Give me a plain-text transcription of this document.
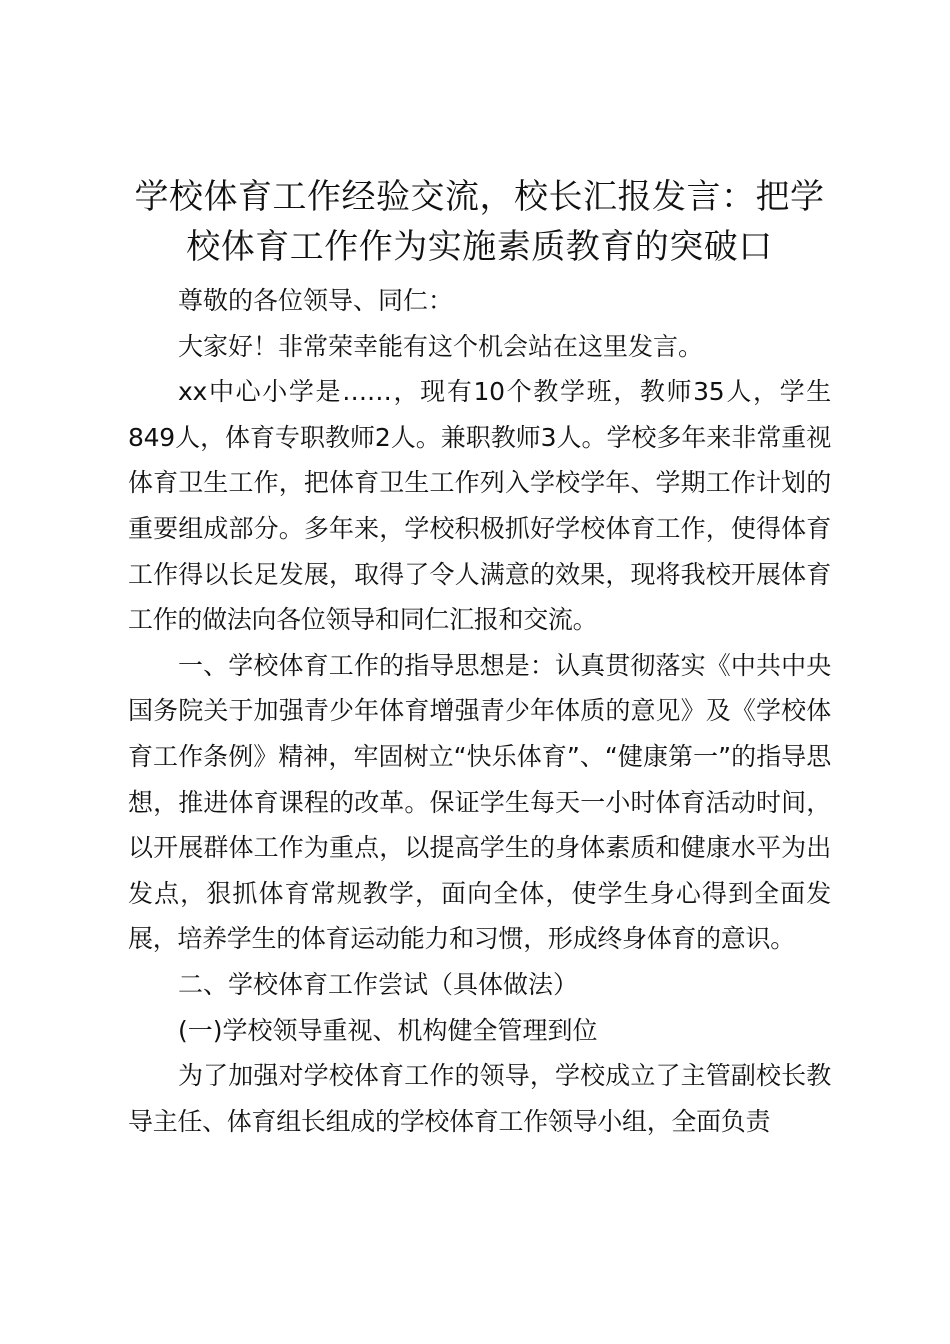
学校体育工作经验交流，校长汇报发言：把学校体育工作作为实施素质教育的突破口

尊敬的各位领导、同仁：

大家好！非常荣幸能有这个机会站在这里发言。

xx中心小学是……，现有10个教学班，教师35人，学生849人，体育专职教师2人。兼职教师3人。学校多年来非常重视体育卫生工作，把体育卫生工作列入学校学年、学期工作计划的重要组成部分。多年来，学校积极抓好学校体育工作，使得体育工作得以长足发展，取得了令人满意的效果，现将我校开展体育工作的做法向各位领导和同仁汇报和交流。

一、学校体育工作的指导思想是：认真贯彻落实《中共中央国务院关于加强青少年体育增强青少年体质的意见》及《学校体育工作条例》精神，牢固树立“快乐体育”、“健康第一”的指导思想，推进体育课程的改革。保证学生每天一小时体育活动时间，以开展群体工作为重点，以提高学生的身体素质和健康水平为出发点，狠抓体育常规教学，面向全体，使学生身心得到全面发展，培养学生的体育运动能力和习惯，形成终身体育的意识。

二、学校体育工作尝试（具体做法）

(一)学校领导重视、机构健全管理到位

为了加强对学校体育工作的领导，学校成立了主管副校长教导主任、体育组长组成的学校体育工作领导小组，全面负责
